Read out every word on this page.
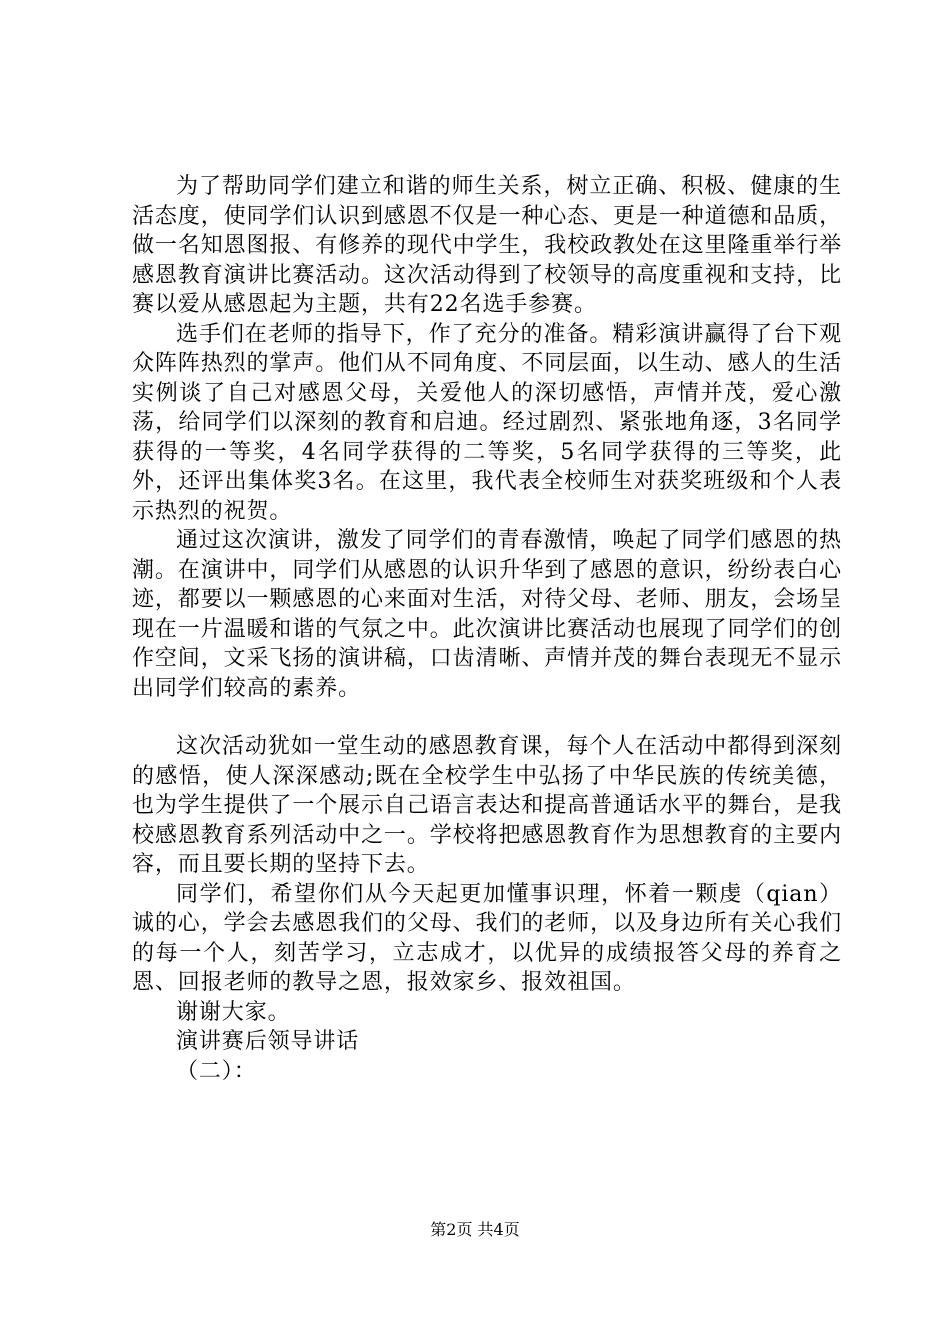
为了帮助同学们建立和谐的师生关系，树立正确、积极、健康的生活态度，使同学们认识到感恩不仅是一种心态、更是一种道德和品质，做一名知恩图报、有修养的现代中学生，我校政教处在这里隆重举行举感恩教育演讲比赛活动。这次活动得到了校领导的高度重视和支持，比赛以爱从感恩起为主题，共有22名选手参赛。

选手们在老师的指导下，作了充分的准备。精彩演讲赢得了台下观众阵阵热烈的掌声。他们从不同角度、不同层面，以生动、感人的生活实例谈了自己对感恩父母，关爱他人的深切感悟，声情并茂，爱心激荡，给同学们以深刻的教育和启迪。经过剧烈、紧张地角逐，3名同学获得的一等奖，4名同学获得的二等奖，5名同学获得的三等奖，此外，还评出集体奖3名。在这里，我代表全校师生对获奖班级和个人表示热烈的祝贺。

通过这次演讲，激发了同学们的青春激情，唤起了同学们感恩的热潮。在演讲中，同学们从感恩的认识升华到了感恩的意识，纷纷表白心迹，都要以一颗感恩的心来面对生活，对待父母、老师、朋友，会场呈现在一片温暖和谐的气氛之中。此次演讲比赛活动也展现了同学们的创作空间，文采飞扬的演讲稿，口齿清晰、声情并茂的舞台表现无不显示出同学们较高的素养。

这次活动犹如一堂生动的感恩教育课，每个人在活动中都得到深刻的感悟，使人深深感动;既在全校学生中弘扬了中华民族的传统美德，也为学生提供了一个展示自己语言表达和提高普通话水平的舞台，是我校感恩教育系列活动中之一。学校将把感恩教育作为思想教育的主要内容，而且要长期的坚持下去。

同学们，希望你们从今天起更加懂事识理，怀着一颗虔（qian）诚的心，学会去感恩我们的父母、我们的老师，以及身边所有关心我们的每一个人，刻苦学习，立志成才，以优异的成绩报答父母的养育之恩、回报老师的教导之恩，报效家乡、报效祖国。

谢谢大家。

演讲赛后领导讲话

（二）：

第2页 共4页
